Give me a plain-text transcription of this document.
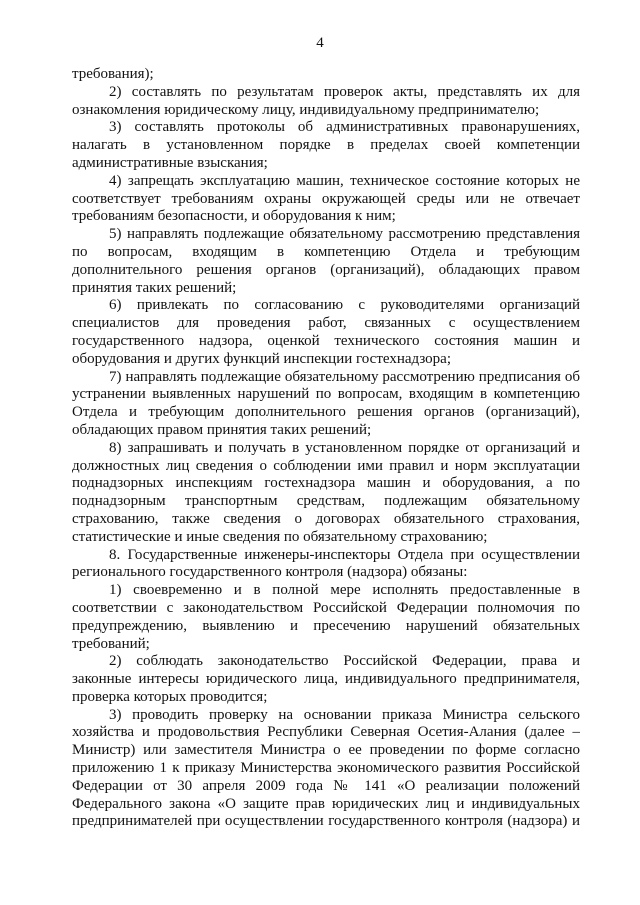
4
требования);
2) составлять по результатам проверок акты, представлять их для
ознакомления юридическому лицу, индивидуальному предпринимателю;
3) составлять протоколы об административных правонарушениях,
налагать в установленном порядке в пределах своей компетенции
административные взыскания;
4) запрещать эксплуатацию машин, техническое состояние которых не
соответствует требованиям охраны окружающей среды или не отвечает
требованиям безопасности, и оборудования к ним;
5) направлять подлежащие обязательному рассмотрению представления
по вопросам, входящим в компетенцию Отдела и требующим
дополнительного решения органов (организаций), обладающих правом
принятия таких решений;
6) привлекать по согласованию с руководителями организаций
специалистов для проведения работ, связанных с осуществлением
государственного надзора, оценкой технического состояния машин и
оборудования и других функций инспекции гостехнадзора;
7) направлять подлежащие обязательному рассмотрению предписания об
устранении выявленных нарушений по вопросам, входящим в компетенцию
Отдела и требующим дополнительного решения органов (организаций),
обладающих правом принятия таких решений;
8) запрашивать и получать в установленном порядке от организаций и
должностных лиц сведения о соблюдении ими правил и норм эксплуатации
поднадзорных инспекциям гостехнадзора машин и оборудования, а по
поднадзорным транспортным средствам, подлежащим обязательному
страхованию, также сведения о договорах обязательного страхования,
статистические и иные сведения по обязательному страхованию;
8. Государственные инженеры-инспекторы Отдела при осуществлении
регионального государственного контроля (надзора) обязаны:
1) своевременно и в полной мере исполнять предоставленные в
соответствии с законодательством Российской Федерации полномочия по
предупреждению, выявлению и пресечению нарушений обязательных
требований;
2) соблюдать законодательство Российской Федерации, права и
законные интересы юридического лица, индивидуального предпринимателя,
проверка которых проводится;
3) проводить проверку на основании приказа Министра сельского
хозяйства и продовольствия Республики Северная Осетия-Алания (далее –
Министр) или заместителя Министра о ее проведении по форме согласно
приложению 1 к приказу Министерства экономического развития Российской
Федерации от 30 апреля 2009 года № 141 «О реализации положений
Федерального закона «О защите прав юридических лиц и индивидуальных
предпринимателей при осуществлении государственного контроля (надзора) и
